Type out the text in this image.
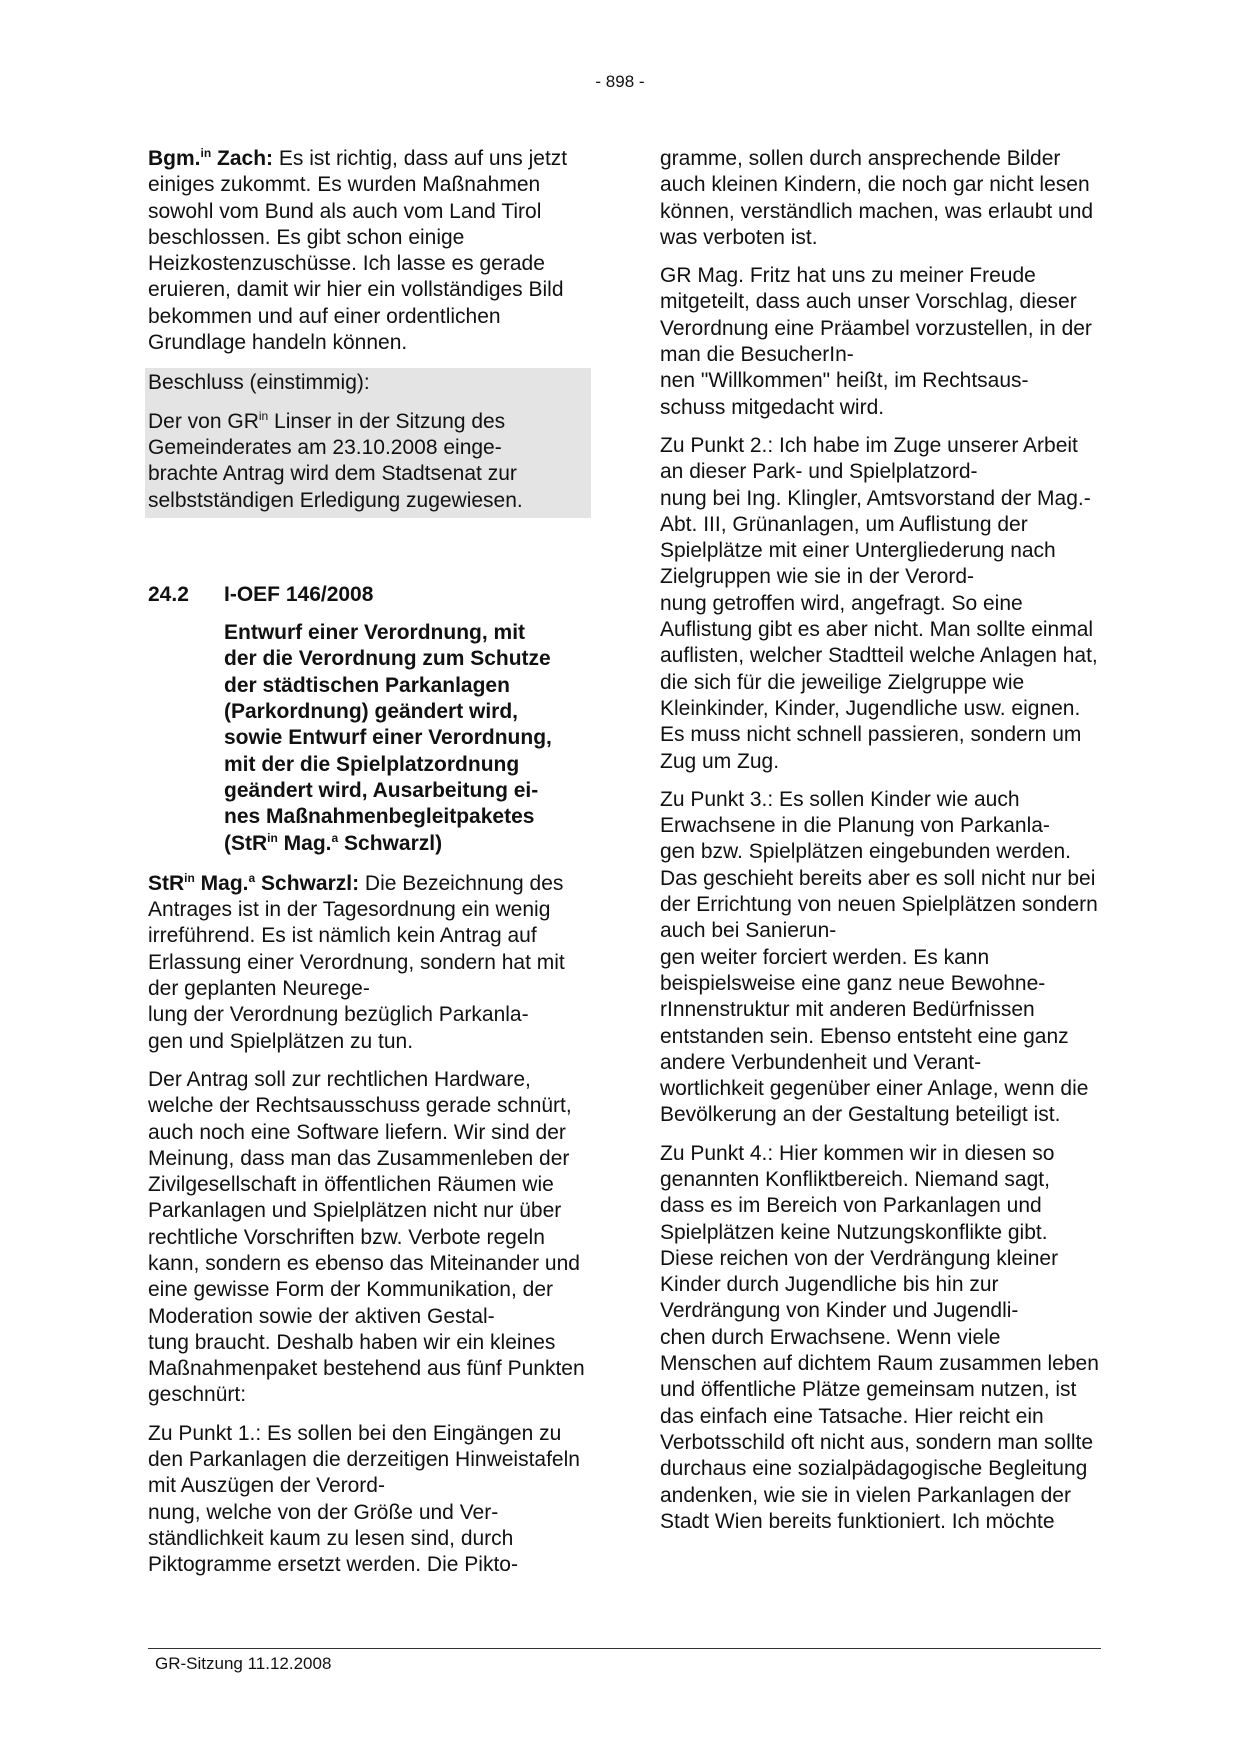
- 898 -

Bgm.$^{in}$ Zach: Es ist richtig, dass auf uns jetzt einiges zukommt. Es wurden Maßnahmen sowohl vom Bund als auch vom Land Tirol beschlossen. Es gibt schon einige Heizkostenzuschüsse. Ich lasse es gerade eruieren, damit wir hier ein vollständiges Bild bekommen und auf einer ordentlichen Grundlage handeln können.

Beschluss (einstimmig):

Der von $GR^{in}$ Linser in der Sitzung des Gemeinderates am 23.10.2008 einge-
brachte Antrag wird dem Stadtsenat zur selbstständigen Erledigung zugewiesen.

24.2	I-OEF 146/2008
Entwurf einer Verordnung, mit
der die Verordnung zum Schutze
der städtischen Parkanlagen
(Parkordnung) geändert wird,
sowie Entwurf einer Verordnung,
mit der die Spielplatzordnung
geändert wird, Ausarbeitung ei-
nes Maßnahmenbegleitpaketes
(StR$^{in}$ Mag.$^a$ Schwarzl)

StR$^{in}$ Mag.$^a$ Schwarzl: Die Bezeichnung des Antrages ist in der Tagesordnung ein wenig irreführend. Es ist nämlich kein Antrag auf Erlassung einer Verordnung, sondern hat mit der geplanten Neurege-
lung der Verordnung bezüglich Parkanla-
gen und Spielplätzen zu tun.

Der Antrag soll zur rechtlichen Hardware, welche der Rechtsausschuss gerade schnürt, auch noch eine Software liefern. Wir sind der Meinung, dass man das Zusammenleben der Zivilgesellschaft in öffentlichen Räumen wie Parkanlagen und Spielplätzen nicht nur über rechtliche Vorschriften bzw. Verbote regeln kann, sondern es ebenso das Miteinander und eine gewisse Form der Kommunikation, der Moderation sowie der aktiven Gestal-
tung braucht. Deshalb haben wir ein kleines Maßnahmenpaket bestehend aus fünf Punkten geschnürt:

Zu Punkt 1.: Es sollen bei den Eingängen zu den Parkanlagen die derzeitigen Hinweistafeln mit Auszügen der Verord-
nung, welche von der Größe und Ver-
ständlichkeit kaum zu lesen sind, durch Piktogramme ersetzt werden. Die Pikto-

gramme, sollen durch ansprechende Bilder auch kleinen Kindern, die noch gar nicht lesen können, verständlich machen, was erlaubt und was verboten ist.

GR Mag. Fritz hat uns zu meiner Freude mitgeteilt, dass auch unser Vorschlag, dieser Verordnung eine Präambel vorzustellen, in der man die BesucherIn-
nen "Willkommen" heißt, im Rechtsaus-
schuss mitgedacht wird.

Zu Punkt 2.: Ich habe im Zuge unserer Arbeit an dieser Park- und Spielplatzord-
nung bei Ing. Klingler, Amtsvorstand der Mag.-Abt. III, Grünanlagen, um Auflistung der Spielplätze mit einer Untergliederung nach Zielgruppen wie sie in der Verord-
nung getroffen wird, angefragt. So eine Auflistung gibt es aber nicht. Man sollte einmal auflisten, welcher Stadtteil welche Anlagen hat, die sich für die jeweilige Zielgruppe wie Kleinkinder, Kinder, Jugendliche usw. eignen. Es muss nicht schnell passieren, sondern um Zug um Zug.

Zu Punkt 3.: Es sollen Kinder wie auch Erwachsene in die Planung von Parkanla-
gen bzw. Spielplätzen eingebunden werden. Das geschieht bereits aber es soll nicht nur bei der Errichtung von neuen Spielplätzen sondern auch bei Sanierun-
gen weiter forciert werden. Es kann beispielsweise eine ganz neue Bewohne-
rInnenstruktur mit anderen Bedürfnissen entstanden sein. Ebenso entsteht eine ganz andere Verbundenheit und Verant-
wortlichkeit gegenüber einer Anlage, wenn die Bevölkerung an der Gestaltung beteiligt ist.

Zu Punkt 4.: Hier kommen wir in diesen so genannten Konfliktbereich. Niemand sagt, dass es im Bereich von Parkanlagen und Spielplätzen keine Nutzungskonflikte gibt. Diese reichen von der Verdrängung kleiner Kinder durch Jugendliche bis hin zur Verdrängung von Kinder und Jugendli-
chen durch Erwachsene. Wenn viele Menschen auf dichtem Raum zusammen leben und öffentliche Plätze gemeinsam nutzen, ist das einfach eine Tatsache. Hier reicht ein Verbotsschild oft nicht aus, sondern man sollte durchaus eine sozialpädagogische Begleitung andenken, wie sie in vielen Parkanlagen der Stadt Wien bereits funktioniert. Ich möchte

GR-Sitzung 11.12.2008
